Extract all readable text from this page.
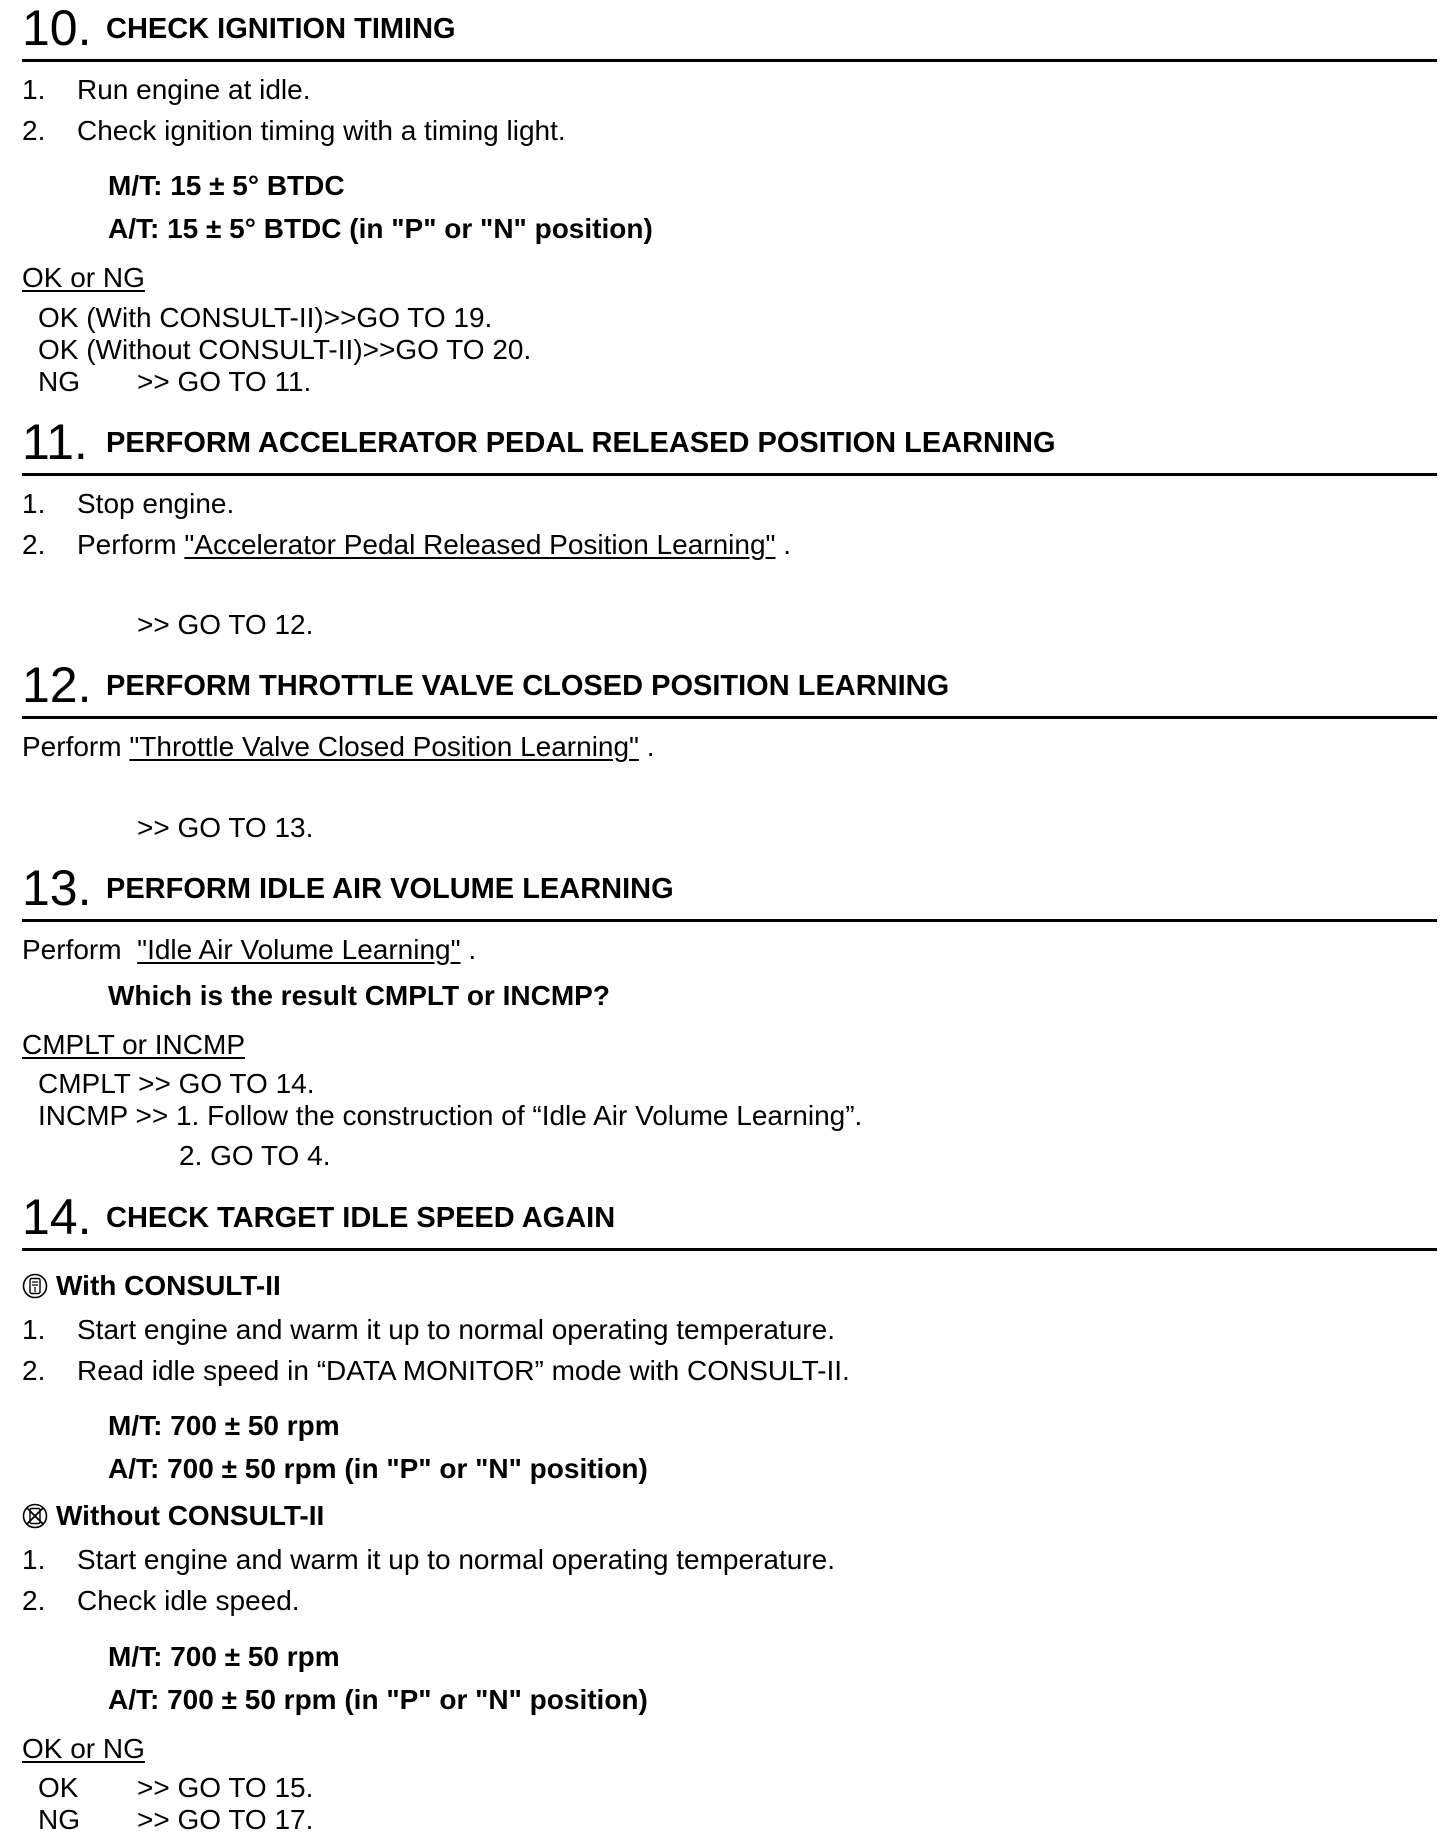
10. CHECK IGNITION TIMING
1. Run engine at idle.
2. Check ignition timing with a timing light.
M/T: 15 ± 5° BTDC
A/T: 15 ± 5° BTDC (in "P" or "N" position)
OK or NG
OK (With CONSULT-II)>>GO TO 19.
OK (Without CONSULT-II)>>GO TO 20.
NG >> GO TO 11.
11. PERFORM ACCELERATOR PEDAL RELEASED POSITION LEARNING
1. Stop engine.
2. Perform "Accelerator Pedal Released Position Learning" .
>> GO TO 12.
12. PERFORM THROTTLE VALVE CLOSED POSITION LEARNING
Perform "Throttle Valve Closed Position Learning" .
>> GO TO 13.
13. PERFORM IDLE AIR VOLUME LEARNING
Perform  "Idle Air Volume Learning" .
Which is the result CMPLT or INCMP?
CMPLT or INCMP
CMPLT >> GO TO 14.
INCMP >> 1. Follow the construction of “Idle Air Volume Learning”.
2. GO TO 4.
14. CHECK TARGET IDLE SPEED AGAIN
With CONSULT-II
1. Start engine and warm it up to normal operating temperature.
2. Read idle speed in “DATA MONITOR” mode with CONSULT-II.
M/T: 700 ± 50 rpm
A/T: 700 ± 50 rpm (in "P" or "N" position)
Without CONSULT-II
1. Start engine and warm it up to normal operating temperature.
2. Check idle speed.
M/T: 700 ± 50 rpm
A/T: 700 ± 50 rpm (in "P" or "N" position)
OK or NG
OK >> GO TO 15.
NG >> GO TO 17.
